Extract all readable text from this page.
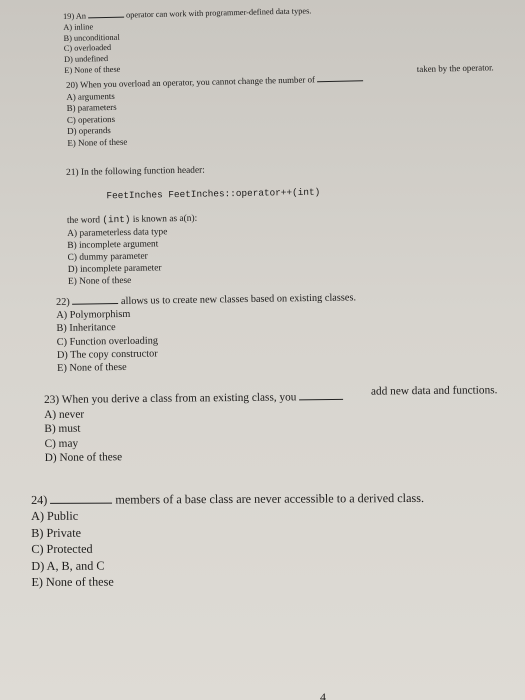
19) An	operator can work with programmer-defined data types.
A) inline
B) unconditional
C) overloaded
D) undefined
E) None of these
20) When you overload an operator, you cannot change the number of
taken by the operator.
A) arguments
B) parameters
C) operations
D) operands
E) None of these
21) In the following function header:
FeetInches FeetInches::operator++(int)
the word (int) is known as a(n):
A) parameterless data type
B) incomplete argument
C) dummy parameter
D) incomplete parameter
E) None of these
22)	allows us to create new classes based on existing classes.
A) Polymorphism
B) Inheritance
C) Function overloading
D) The copy constructor
E) None of these
23) When you derive a class from an existing class, you
add new data and functions.
A) never
B) must
C) may
D) None of these
24)	members of a base class are never accessible to a derived class.
A) Public
B) Private
C) Protected
D) A, B, and C
E) None of these
4
